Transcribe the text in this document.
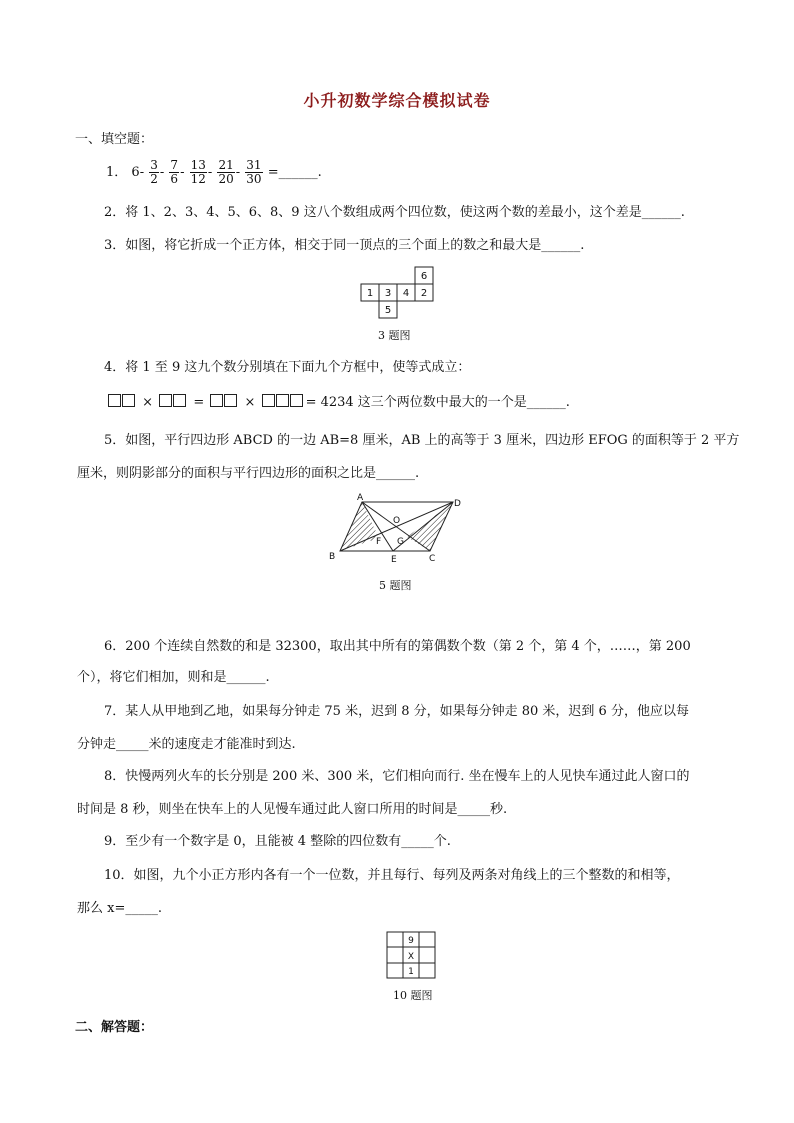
小升初数学综合模拟试卷
一、填空题：
1． $6- \frac{3}{2} - \frac{7}{6} - \frac{13}{12} - \frac{21}{20} - \frac{31}{30}$ =______.
2．将 1、2、3、4、5、6、8、9 这八个数组成两个四位数，使这两个数的差最小，这个差是______.
3．如图，将它折成一个正方体，相交于同一顶点的三个面上的数之和最大是______.
1 3 4 2
6
5
3 题图
4．将 1 至 9 这九个数分别填在下面九个方框中，使等式成立：
×	=	×	= 4234 这三个两位数中最大的一个是______.
5．如图，平行四边形 ABCD 的一边 AB=8 厘米，AB 上的高等于 3 厘米，四边形 EFOG 的面积等于 2 平方
厘米，则阴影部分的面积与平行四边形的面积之比是______.
A
D
B	C
E
F G
O
5 题图
6．200 个连续自然数的和是 32300，取出其中所有的第偶数个数（第 2 个，第 4 个，……，第 200
个），将它们相加，则和是______.
7．某人从甲地到乙地，如果每分钟走 75 米，迟到 8 分，如果每分钟走 80 米，迟到 6 分，他应以每
分钟走_____米的速度走才能准时到达.
8．快慢两列火车的长分别是 200 米、300 米，它们相向而行. 坐在慢车上的人见快车通过此人窗口的
时间是 8 秒，则坐在快车上的人见慢车通过此人窗口所用的时间是_____秒.
9．至少有一个数字是 0，且能被 4 整除的四位数有_____个.
10．如图，九个小正方形内各有一个一位数，并且每行、每列及两条对角线上的三个整数的和相等，
那么 x=_____.
9
X
1
10 题图
二、解答题：
